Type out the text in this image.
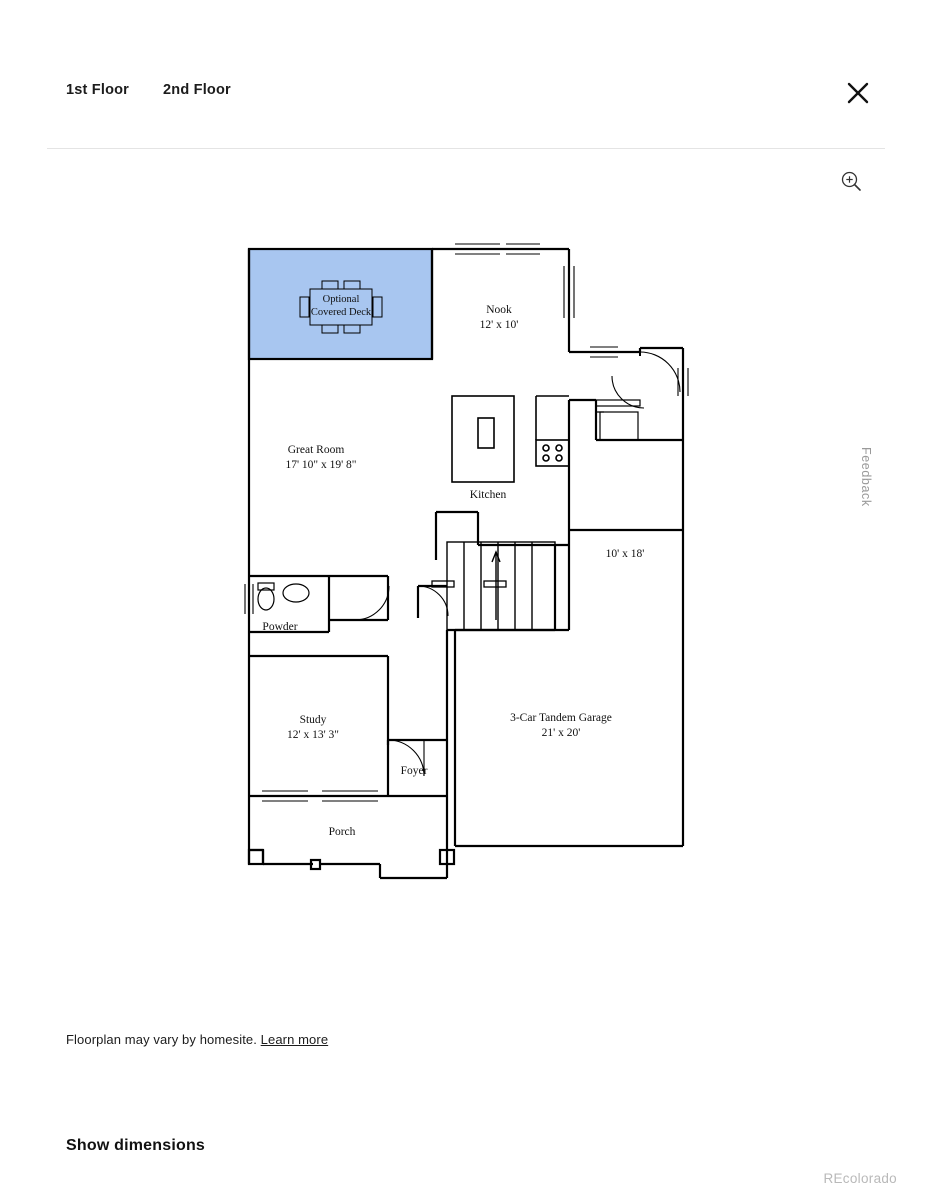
1st Floor 2nd Floor
Feedback
Optional
Covered Deck	Nook
12' x 10'
Great Room
17' 10" x 19' 8"
Kitchen
10' x 18'
Powder
Study
12' x 13' 3"
Foyer
3-Car Tandem Garage
21' x 20'
Porch
Floorplan may vary by homesite. Learn more
Show dimensions
REcolorado
